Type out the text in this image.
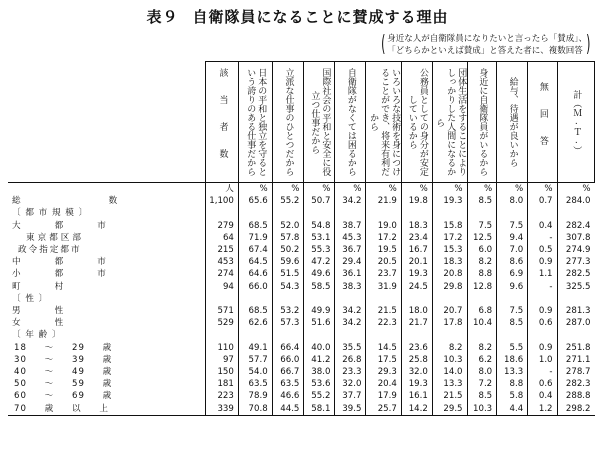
表９ 自衛隊員になることに賛成する理由
( 身近な人が自衛隊員になりたいと言ったら「賛成」、
「どちらかといえば賛成」と答えた者に、複数回答 )

	該当者数	日本の平和と独立を守るという誇りのある仕事だから	立派な仕事のひとつだから	国際社会の平和と安全に役立つ仕事だから	自衛隊がなくては困るから	いろいろな技術を身につけることができ、将来有利だから	公務員としての身分が安定しているから	団体生活をすることによりしっかりした人間になるから	身近に自衛隊員がいるから	給与、待遇が良いから	無回答	計（Ｍ.Ｔ.）

	人	%	%	%	%	%	%	%	%	%	%	%
総数	1,100	65.6	55.2	50.7	34.2	21.9	19.8	19.3	8.5	8.0	0.7	284.0
〔 都 市 規 模 〕												
大都市	279	68.5	52.0	54.8	38.7	19.0	18.3	15.8	7.5	7.5	0.4	282.4
東京都区部	64	71.9	57.8	53.1	45.3	17.2	23.4	17.2	12.5	9.4	-	307.8
政令指定都市	215	67.4	50.2	55.3	36.7	19.5	16.7	15.3	6.0	7.0	0.5	274.9
中都市	453	64.5	59.6	47.2	29.4	20.5	20.1	18.3	8.2	8.6	0.9	277.3
小都市	274	64.6	51.5	49.6	36.1	23.7	19.3	20.8	8.8	6.9	1.1	282.5
町村	94	66.0	54.3	58.5	38.3	31.9	24.5	29.8	12.8	9.6	-	325.5
〔 性 〕												
男性	571	68.5	53.2	49.9	34.2	21.5	18.0	20.7	6.8	7.5	0.9	281.3
女性	529	62.6	57.3	51.6	34.2	22.3	21.7	17.8	10.4	8.5	0.6	287.0
〔 年 齢 〕												
18 ～ 29 歳	110	49.1	66.4	40.0	35.5	14.5	23.6	8.2	8.2	5.5	0.9	251.8
30 ～ 39 歳	97	57.7	66.0	41.2	26.8	17.5	25.8	10.3	6.2	18.6	1.0	271.1
40 ～ 49 歳	150	54.0	66.7	38.0	23.3	29.3	32.0	14.0	8.0	13.3	-	278.7
50 ～ 59 歳	181	63.5	63.5	53.6	32.0	20.4	19.3	13.3	7.2	8.8	0.6	282.3
60 ～ 69 歳	223	78.9	46.6	55.2	37.7	17.9	16.1	21.5	8.5	5.8	0.4	288.8
70 歳 以 上	339	70.8	44.5	58.1	39.5	25.7	14.2	29.5	10.3	4.4	1.2	298.2
